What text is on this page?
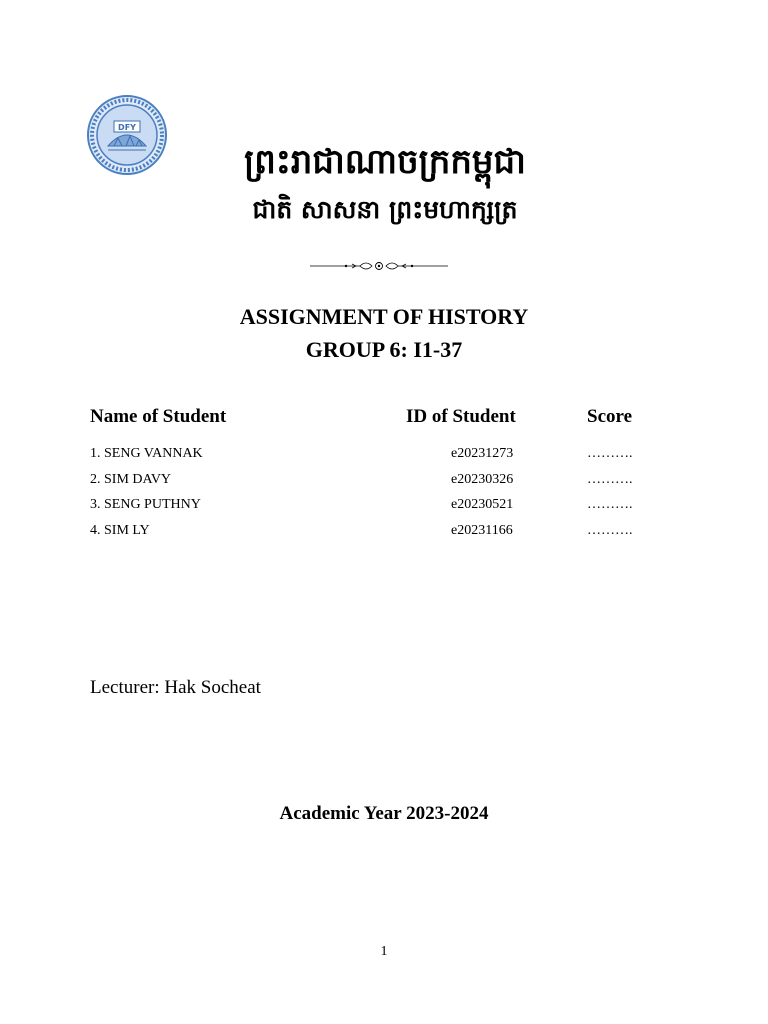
DFY
ព្រះរាជាណាចក្រកម្ពុជា
ជាតិ សាសនា ព្រះមហាក្សត្រ
ASSIGNMENT OF HISTORY
GROUP 6: I1-37
Name of Student	ID of Student	Score
1. SENG VANNAK	e20231273	……….
2. SIM DAVY	e20230326	……….
3. SENG PUTHNY	e20230521	……….
4. SIM LY	e20231166	……….
Lecturer: Hak Socheat
Academic Year 2023-2024
1
